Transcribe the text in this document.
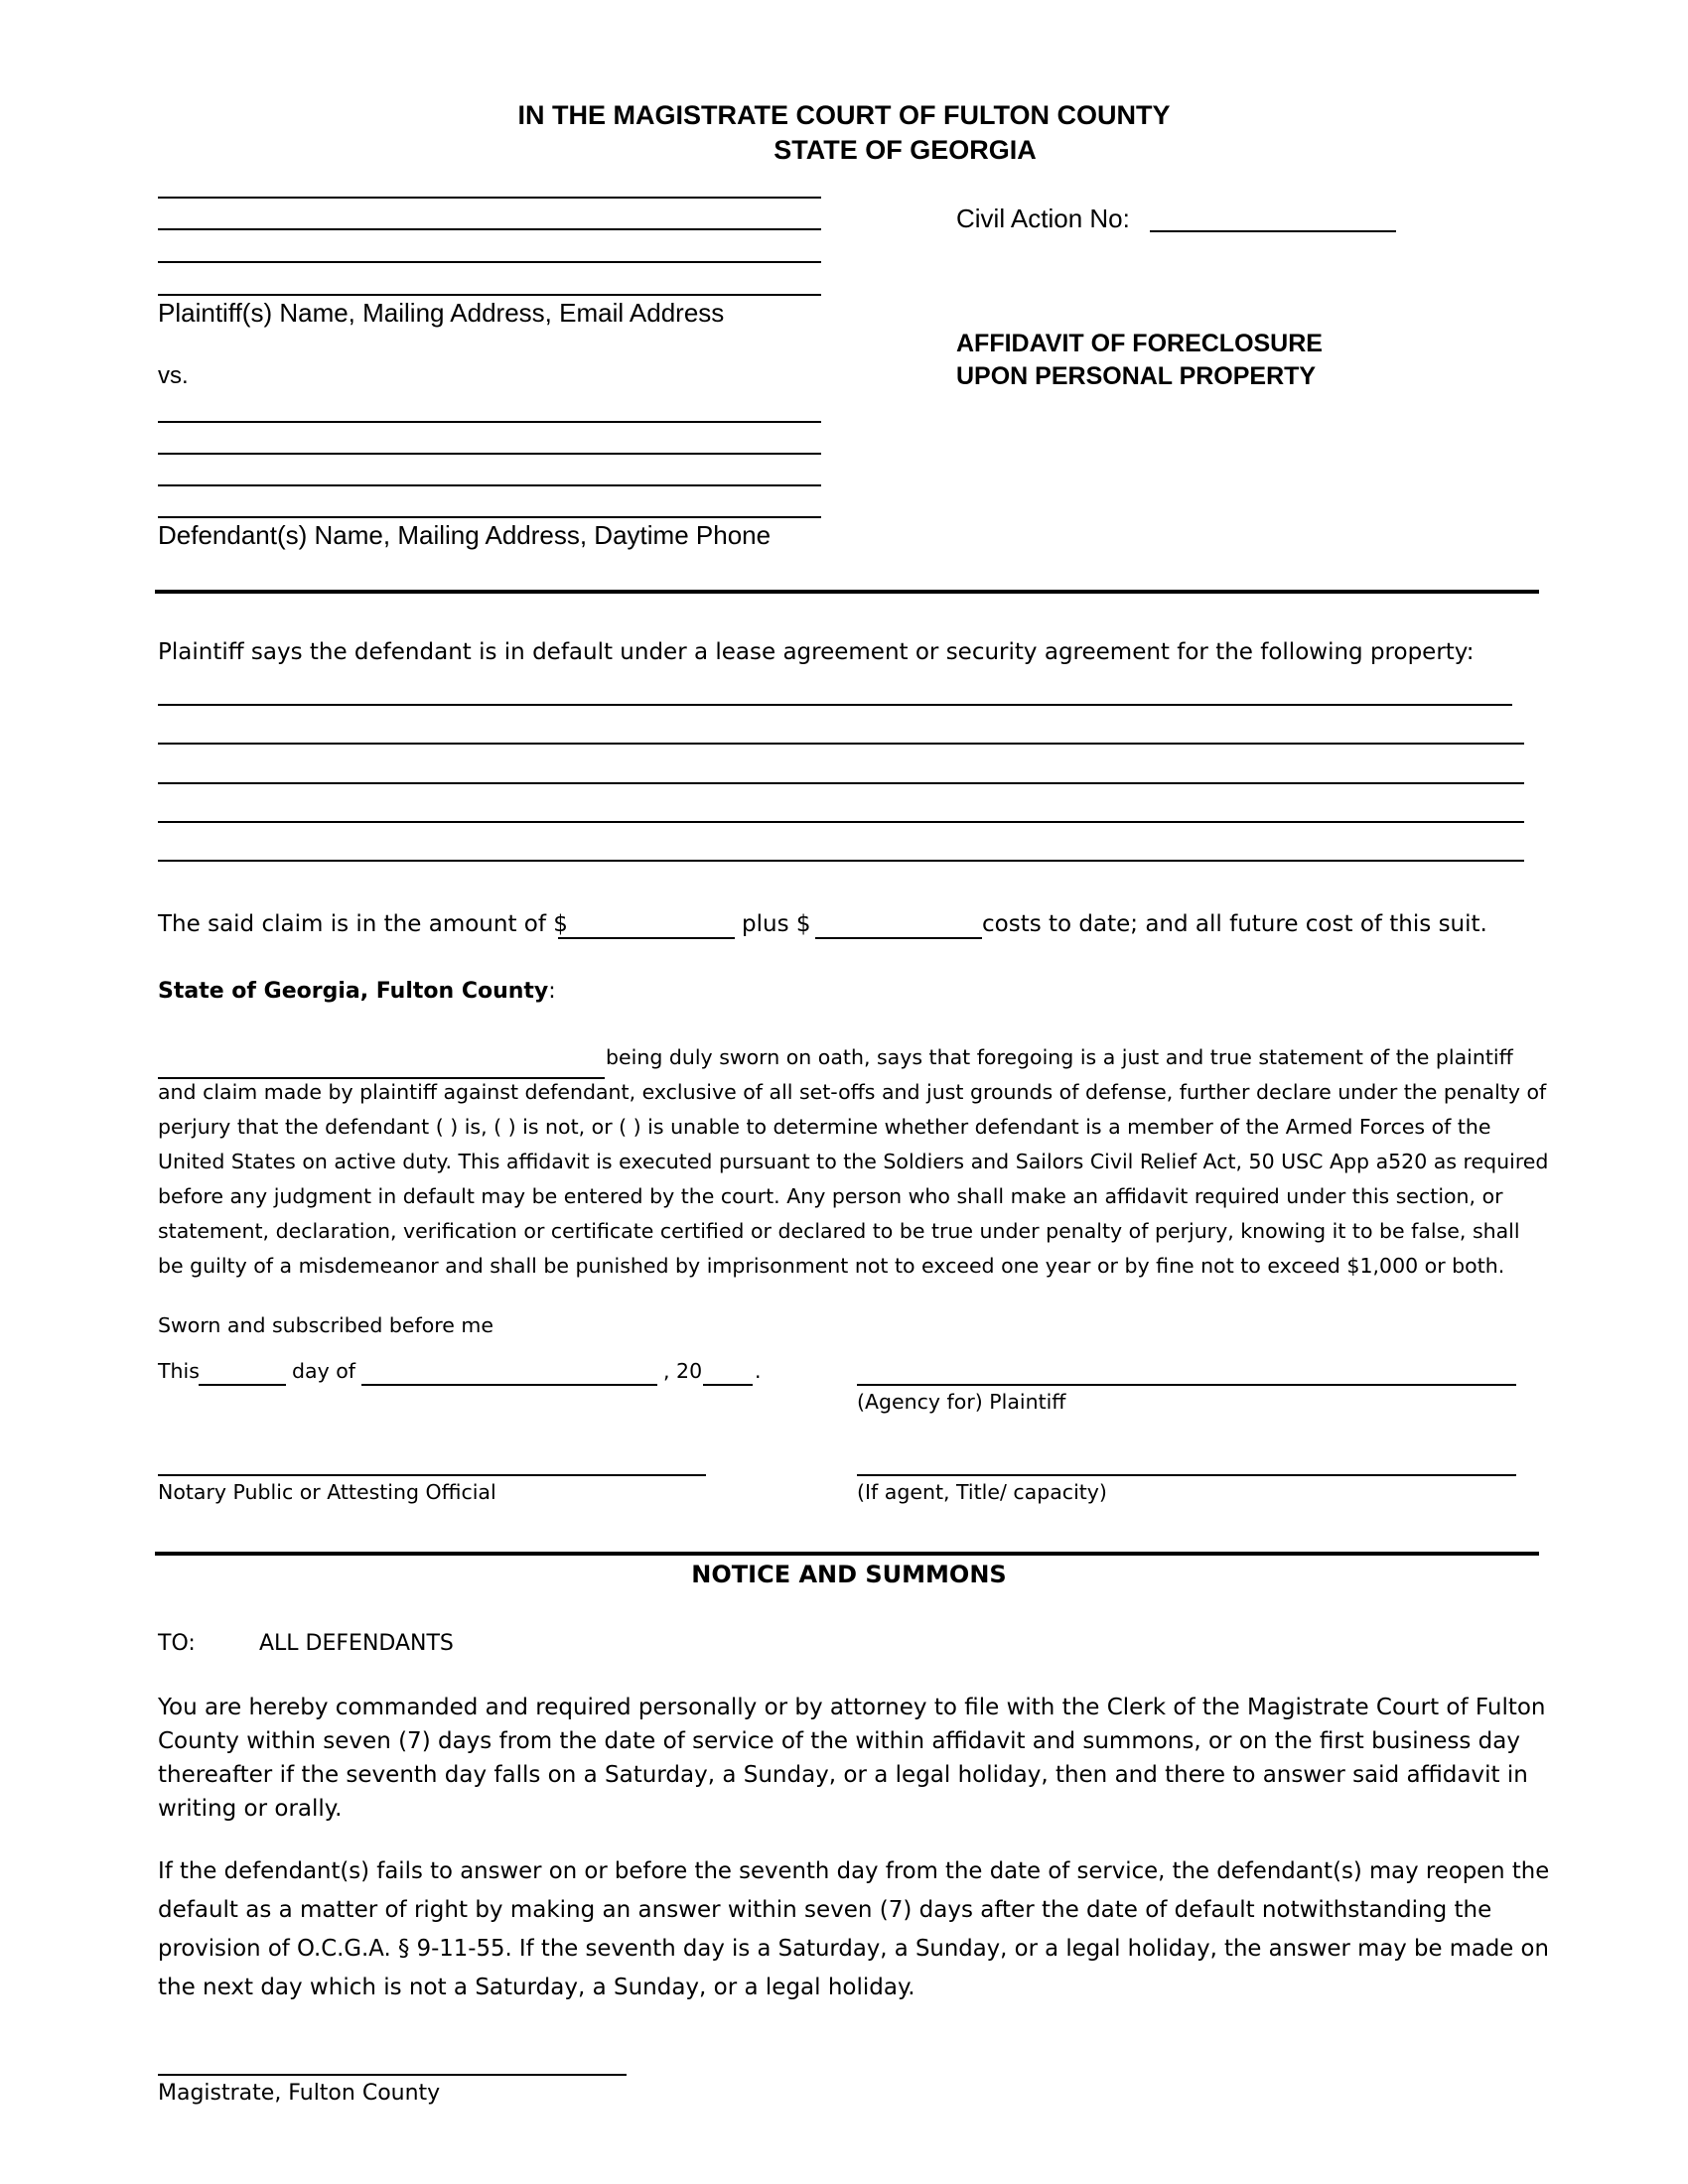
IN THE MAGISTRATE COURT OF FULTON COUNTY
STATE OF GEORGIA
Plaintiff(s) Name, Mailing Address, Email Address
vs.
Defendant(s) Name, Mailing Address, Daytime Phone
Civil Action No:
AFFIDAVIT OF FORECLOSURE
UPON PERSONAL PROPERTY
Plaintiff says the defendant is in default under a lease agreement or security agreement for the following property:
The said claim is in the amount of $	plus $	costs to date; and all future cost of this suit.
State of Georgia, Fulton County:
being duly sworn on oath, says that foregoing is a just and true statement of the plaintiff
and claim made by plaintiff against defendant, exclusive of all set-offs and just grounds of defense, further declare under the penalty of
perjury that the defendant ( ) is, ( ) is not, or ( ) is unable to determine whether defendant is a member of the Armed Forces of the
United States on active duty. This affidavit is executed pursuant to the Soldiers and Sailors Civil Relief Act, 50 USC App a520 as required
before any judgment in default may be entered by the court. Any person who shall make an affidavit required under this section, or
statement, declaration, verification or certificate certified or declared to be true under penalty of perjury, knowing it to be false, shall
be guilty of a misdemeanor and shall be punished by imprisonment not to exceed one year or by fine not to exceed $1,000 or both.
Sworn and subscribed before me
This	day of	, 20	.
(Agency for) Plaintiff
Notary Public or Attesting Official	(If agent, Title/ capacity)
NOTICE AND SUMMONS
TO:	ALL DEFENDANTS
You are hereby commanded and required personally or by attorney to file with the Clerk of the Magistrate Court of Fulton
County within seven (7) days from the date of service of the within affidavit and summons, or on the first business day
thereafter if the seventh day falls on a Saturday, a Sunday, or a legal holiday, then and there to answer said affidavit in
writing or orally.
If the defendant(s) fails to answer on or before the seventh day from the date of service, the defendant(s) may reopen the
default as a matter of right by making an answer within seven (7) days after the date of default notwithstanding the
provision of O.C.G.A. § 9-11-55. If the seventh day is a Saturday, a Sunday, or a legal holiday, the answer may be made on
the next day which is not a Saturday, a Sunday, or a legal holiday.
Magistrate, Fulton County
